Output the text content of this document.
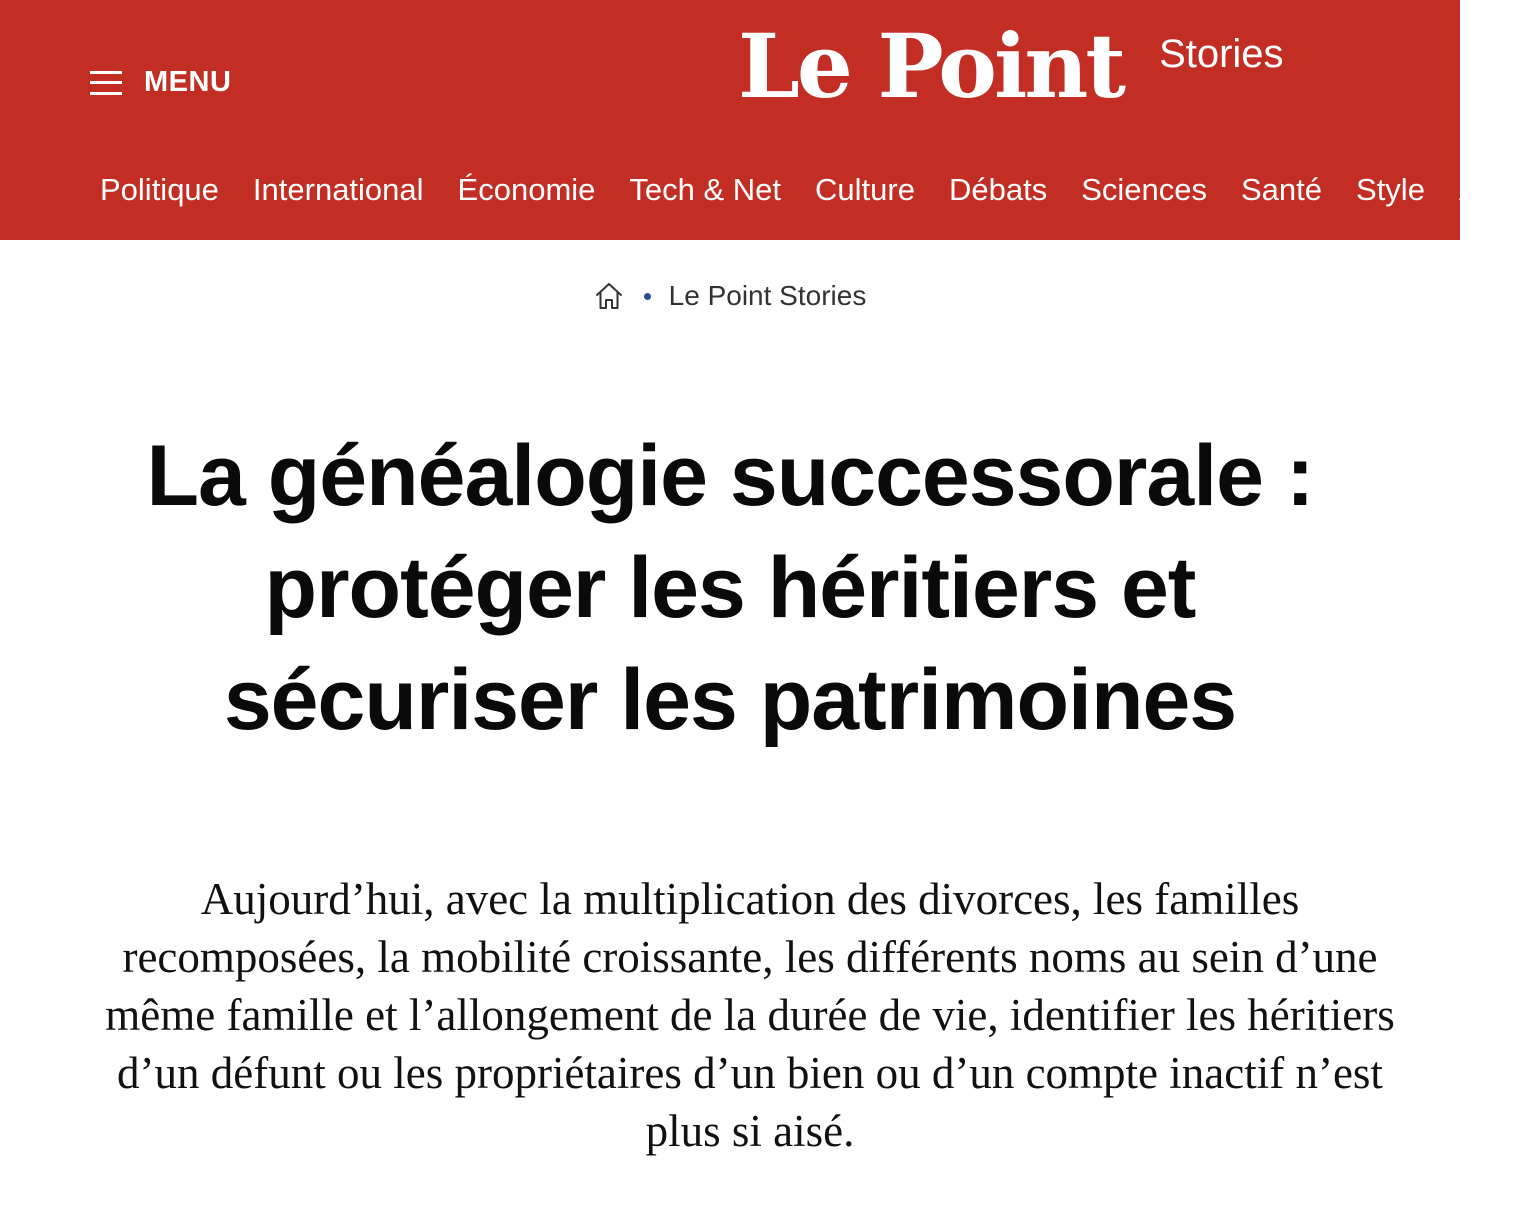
MENU	Le Point Stories
Politique International Économie Tech & Net Culture Débats Sciences Santé Style Af
Le Point Stories
La généalogie successorale : protéger les héritiers et sécuriser les patrimoines

Aujourd’hui, avec la multiplication des divorces, les familles recomposées, la mobilité croissante, les différents noms au sein d’une même famille et l’allongement de la durée de vie, identifier les héritiers d’un défunt ou les propriétaires d’un bien ou d’un compte inactif n’est plus si aisé.
